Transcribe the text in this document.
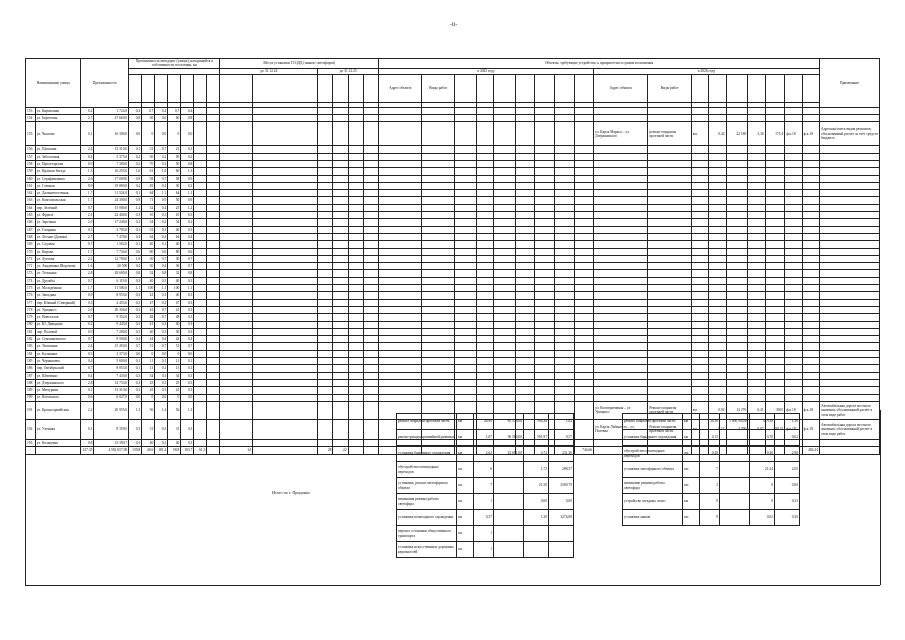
-ii-
Наименование улицы		Протяженность		Протяженность автодорог (улицы), находящейся в собственности поселения, км							Места установки ТСОДД (знаков, светофоров)						Объекты, требующие устройства, к приоритетам и срокам исполнения																		Примечание
											до 31.12.24		до 31.12.25				в 2025 году									в 2026 году									
																	Адрес объекта	Виды работ								Адрес объекта	Виды работ								

153	ул. Кирпичная	0,2	1 724,0	0,4	0,7	0,4	0,7	0,4																											
154	ул. Береговая	2,7	27 660,0	0,8	30	0,6	60	0,8																											
155	ул. Чкалова	0,1	16 300,0	0,0	0	0,0	0	0,0																		ул. Карла Маркса – ул. Дзержинского	ремонт покрытия проезжей части	км	0,42	22 180	3,36	171,4	ф.к.18	ф.к.18	Адресная/смета видов ремонтов, обоснованный расчёт за счёт средств бюджета
156	ул. Пушкина	2,4	13 310,0	0,1	31	0,7	21	0,1																											
157	ул. Заболотная	0,4	5 375,0	0,2	50	0,2	50	0,2																											
158	ул. Пролетарская	0,9	7 300,0	0,2	70	0,2	50	0,8																											
159	ул. Красная Звезда	1,3	16 255,0	1,6	61	1,6	60	1,3																											
160	ул. Серафимовича	2,6	17 009,0	0,9	58	0,7	58	0,9																											
161	ул. Степная	0,9	19 869,0	0,2	49	0,2	30	0,2																											
162	ул. Дальневосточная	1,7	11 524,0	0,1	64	1,1	64	1,1																											
163	ул. Комсомольская	1,7	24 300,0	0,9	71	0,9	50	0,9																											
164	пер. Зелёный	0,7	15 000,0	1,4	32	0,4	25	1,2																											
165	ул. Фрунзе	2,1	22 400,0	0,3	10	0,3	10	0,3																											
166	ул. Заречная	2,0	17 240,0	0,2	34	0,2	34	0,2																											
167	ул. Гагарина	0,3	3 703,0	0,3	33	0,3	40	0,3																											
168	ул. Лесная (Дачная)	2,7	7 478,0	0,4	64	0,4	64	0,4																											
169	ул. Садовая	0,7	1 562,0	0,1	40	0,1	40	0,1																											
170	ул. Кирова	1,7	7 734,0	0,6	80	0,6	80	0,6																											
171	ул. Луговая	2,2	12 700,0	1,9	30	0,7	30	0,7																											
172	ул. Академика Шорохова	1,6	20 500	0,4	30	0,4	36	0,7																											
173	ул. Тельмана	2,8	28 600,0	0,8	32	0,8	32	0,8																											
174	ул. Дружбы	0,7	6 119,0	0,3	40	0,3	40	0,3																											
175	ул. Молодёжная	1,7	11 500,0	1,1	100	1,1	100	1,1																											
176	ул. Западная	0,9	8 953,0	0,3	43	0,3	40	0,3																											
177	пер. Южный (Северный)	0,3	4 453,0	0,3	47	0,3	47	0,3																											
178	ул. Урицкого	2,0	20 356,0	0,3	43	0,7	41	0,3																											
179	ул. Новоселов	0,7	9 352,0	0,3	48	0,7	48	0,3																											
180	ул. Ю. Давыдова	0,2	9 443,0	0,3	41	0,3	40	0,3																											
181	пер. Полевой	0,9	7 200,0	0,3	40	0,3	30	0,3																											
182	ул. Семашковского	0,7	9 500,0	0,4	44	0,4	42	0,4																											
183	ул. Тюленина	2,4	15 450,0	0,7	51	0,7	51	0,7																											
184	ул. Калинина	0,3	3 373,0	0,0	0	0,0	0	0,0																											
185	ул. Чернышева	0,4	5 600,0	0,1	11	0,1	11	0,1																											
186	пер. Октябрьский	0,7	8 053,0	0,1	13	0,1	13	0,1																											
187	ул. Шевченко	0,4	7 430,0	0,3	34	0,3	34	0,3																											
188	ул. Дзержинского	2,8	14 733,0	0,3	25	0,3	25	0,3																											
189	ул. Мичурина	0,1	13 310,0	0,3	45	0,3	41	0,3																											
190	ул. Котовского	0,6	6 027,0	0,0	0	0,0	0	0,0																											
191	ул. Красноармейская	2,2	20 955,0	1,3	56	1,4	56	1,3																		ул. Кооперативная – ул. Урицкого	Ремонт покрытия проезжей части	км	0,92	14 276	6,41	3001	ф.к.18	ф.к.18	Автомобильная дорога местного значения, обоснованный расчёт в этом виде работ
192	ул. Ученика	0,1	8 359,0	0,3	31	0,3	31	0,3																		ул. Карла Либкнехта – ул. Полевая	Ремонт покрытия проезжей части	км	0,13	4 700	9,07	16122	ф.к.18	ф.к.18	Автомобильная дорога местного значения, обоснованный расчёт в этом виде работ
193	ул. Кольцевая	0,8	15 390,7	0,3	40	0,3	40	0,3																											
		237,35	4 582 657,99	139,8	40,6	181,4	58,8	183,7	61,3		34		28	22											744,66									482,24	
ремонт покрытия проезжей части	км	26,90	85 578,00	594,26	1,04
реконструкция трамвайной развязки	км	1,07	36 580,00	591,97	9,57
установка барьерного ограждения	км	2,62	23 651,00	4,72	231,36
обустройство пешеходных переходов	шт.	6		1,72	288,37
установка, ремонт светофорного объекта	шт.	7		21,50	3569,79
изменения режима работы светофора	шт.	1		0,00	0,00
установка пешеходного ограждения	км	0,37		1,20	3274,08
перенос остановки общественного транспорта	шт.	1			
установка искусственных дорожных неровностей	шт.	1			
ремонт покрытия проезжей части	км	34,10	1 000 945,00	479,58	1,30
установка барьерного ограждения	км	0,15		0,70	0,62
обустройство пешеходных переходов	шт.	0,30		0,30	2,90
установка светофорного объекта	шт.	7		21,24	2,05
изменение режима работы светофора	шт.	2		0	0,00
устройство заездных полос	км	0		0	0,33
установка знаков	шт.	8		0,02	0,30
Итого по г. Придонье
